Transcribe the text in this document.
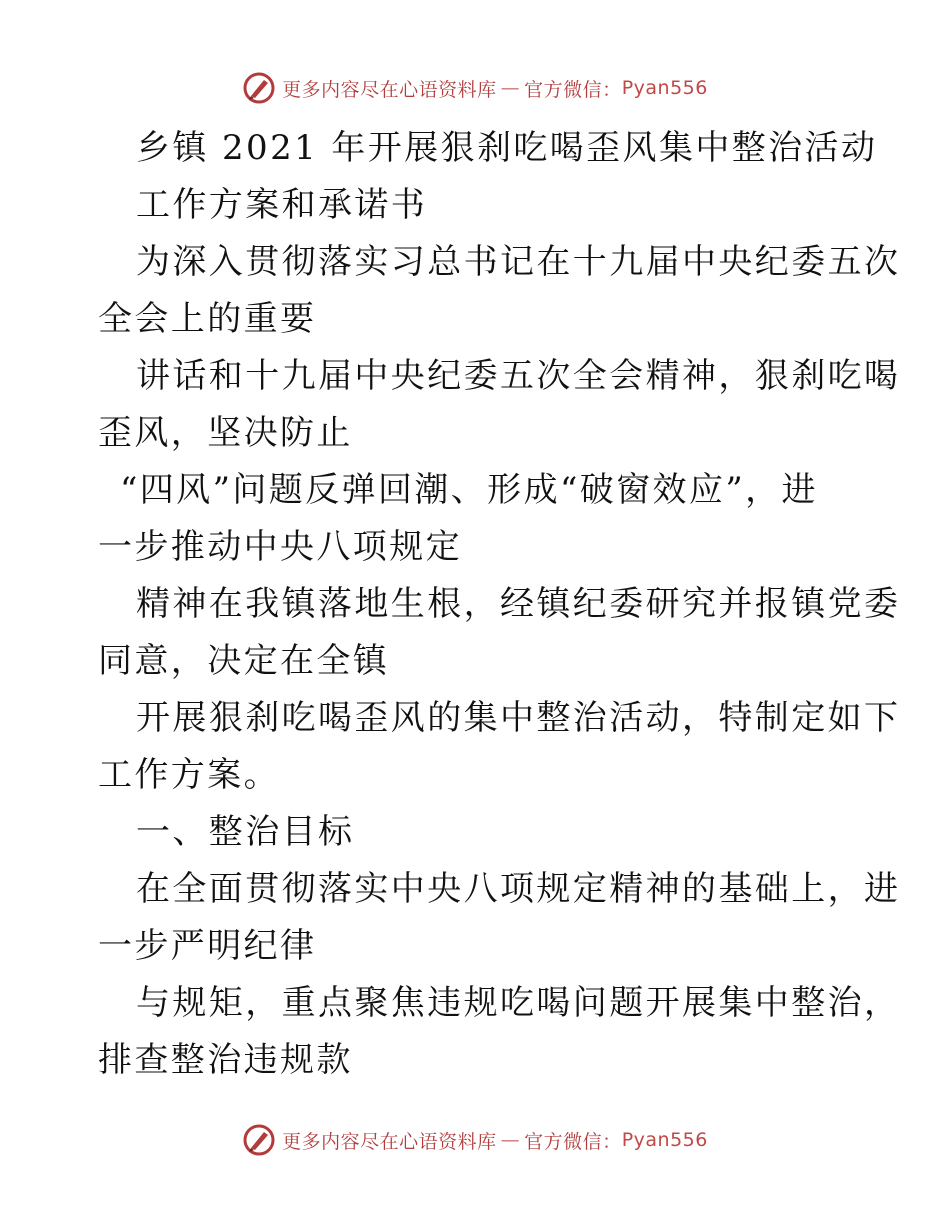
更多内容尽在心语资料库 — 官方微信： Pyan556
乡镇 2021 年开展狠刹吃喝歪风集中整治活动
工作方案和承诺书
为深入贯彻落实习总书记在十九届中央纪委五次
全会上的重要
讲话和十九届中央纪委五次全会精神，狠刹吃喝
歪风，坚决防止
“四风”问题反弹回潮、形成“破窗效应”，进
一步推动中央八项规定
精神在我镇落地生根，经镇纪委研究并报镇党委
同意，决定在全镇
开展狠刹吃喝歪风的集中整治活动，特制定如下
工作方案。
一、整治目标
在全面贯彻落实中央八项规定精神的基础上，进
一步严明纪律
与规矩，重点聚焦违规吃喝问题开展集中整治，
排查整治违规款
更多内容尽在心语资料库 — 官方微信： Pyan556
